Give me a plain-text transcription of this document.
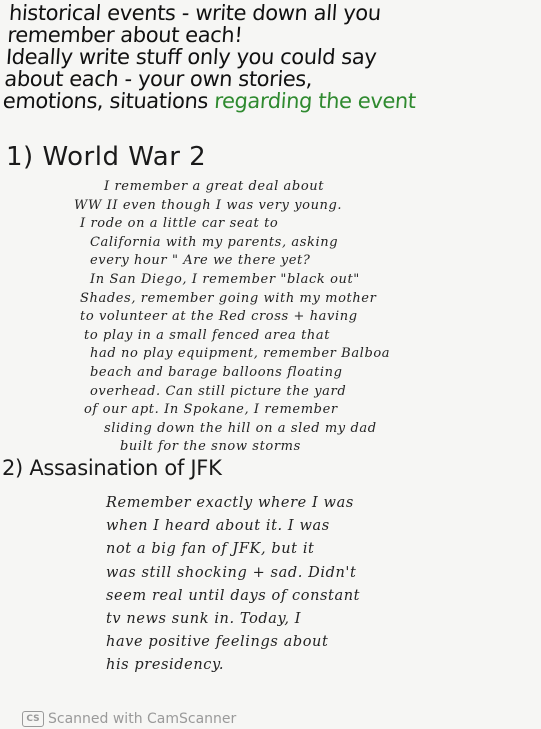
historical events - write down all you
remember about each!
Ideally write stuff only you could say
about each - your own stories,
emotions, situations regarding the event
1) World War 2
I remember a great deal about
WW II even though I was very young.
I rode on a little car seat to
California with my parents, asking
every hour " Are we there yet?
In San Diego, I remember "black out"
Shades, remember going with my mother
to volunteer at the Red cross + having
to play in a small fenced area that
had no play equipment, remember Balboa
beach and barage balloons floating
overhead. Can still picture the yard
of our apt. In Spokane, I remember
sliding down the hill on a sled my dad
built for the snow storms
2) Assasination of JFK
Remember exactly where I was
when I heard about it. I was
not a big fan of JFK, but it
was still shocking + sad. Didn't
seem real until days of constant
tv news sunk in. Today, I
have positive feelings about
his presidency.
CS Scanned with CamScanner
